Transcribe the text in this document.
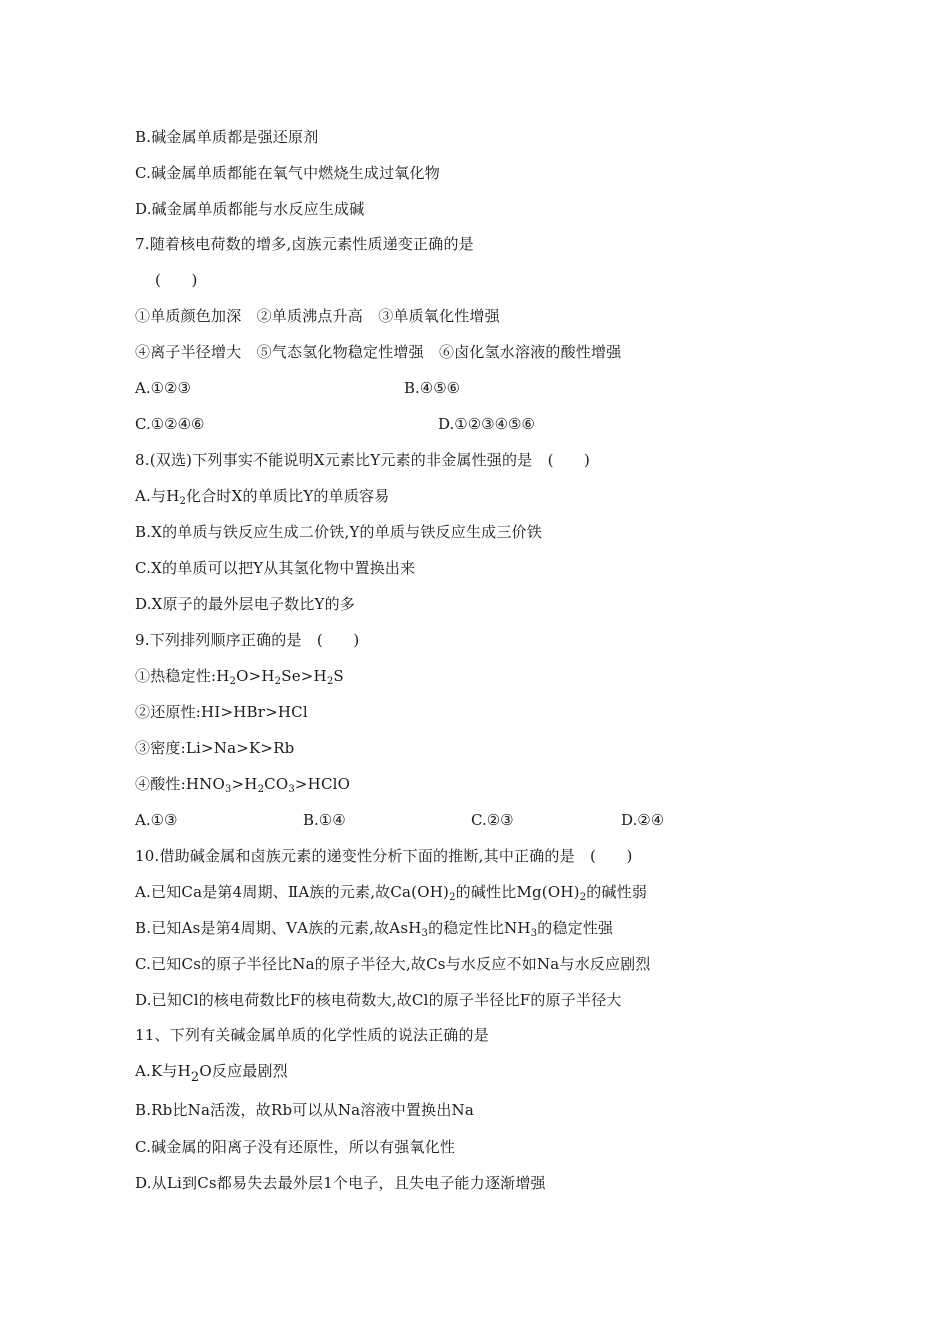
B.碱金属单质都是强还原剂
C.碱金属单质都能在氧气中燃烧生成过氧化物
D.碱金属单质都能与水反应生成碱
7.随着核电荷数的增多,卤族元素性质递变正确的是
(　　)
①单质颜色加深　②单质沸点升高　③单质氧化性增强
④离子半径增大　⑤气态氢化物稳定性增强　⑥卤化氢水溶液的酸性增强
A.①②③	B.④⑤⑥
C.①②④⑥	D.①②③④⑤⑥
8.(双选)下列事实不能说明X元素比Y元素的非金属性强的是　(　　)
A.与$H_2$化合时X的单质比Y的单质容易
B.X的单质与铁反应生成二价铁,Y的单质与铁反应生成三价铁
C.X的单质可以把Y从其氢化物中置换出来
D.X原子的最外层电子数比Y的多
9.下列排列顺序正确的是　(　　)
①热稳定性$:H_2O>H_2Se>H_2S$
②还原性:HI>HBr>HCl
③密度:Li>Na>K>Rb
④酸性$:HNO_3>H_2CO_3>HClO$
A.①③	B.①④	C.②③	D.②④
10.借助碱金属和卤族元素的递变性分析下面的推断,其中正确的是　(　　)
A.已知Ca是第4周期、ⅡA族的元素,故$Ca(OH)_2$的碱性比$Mg(OH)_2$的碱性弱
B.已知As是第4周期、ⅤA族的元素,故AsH$_3$的稳定性比$NH_3$的稳定性强
C.已知Cs的原子半径比Na的原子半径大,故Cs与水反应不如Na与水反应剧烈
D.已知Cl的核电荷数比F的核电荷数大,故Cl的原子半径比F的原子半径大
11、下列有关碱金属单质的化学性质的说法正确的是
A.K与$H_2O$反应最剧烈
B.Rb比Na活泼，故Rb可以从Na溶液中置换出Na
C.碱金属的阳离子没有还原性，所以有强氧化性
D.从Li到Cs都易失去最外层1个电子，且失电子能力逐渐增强
